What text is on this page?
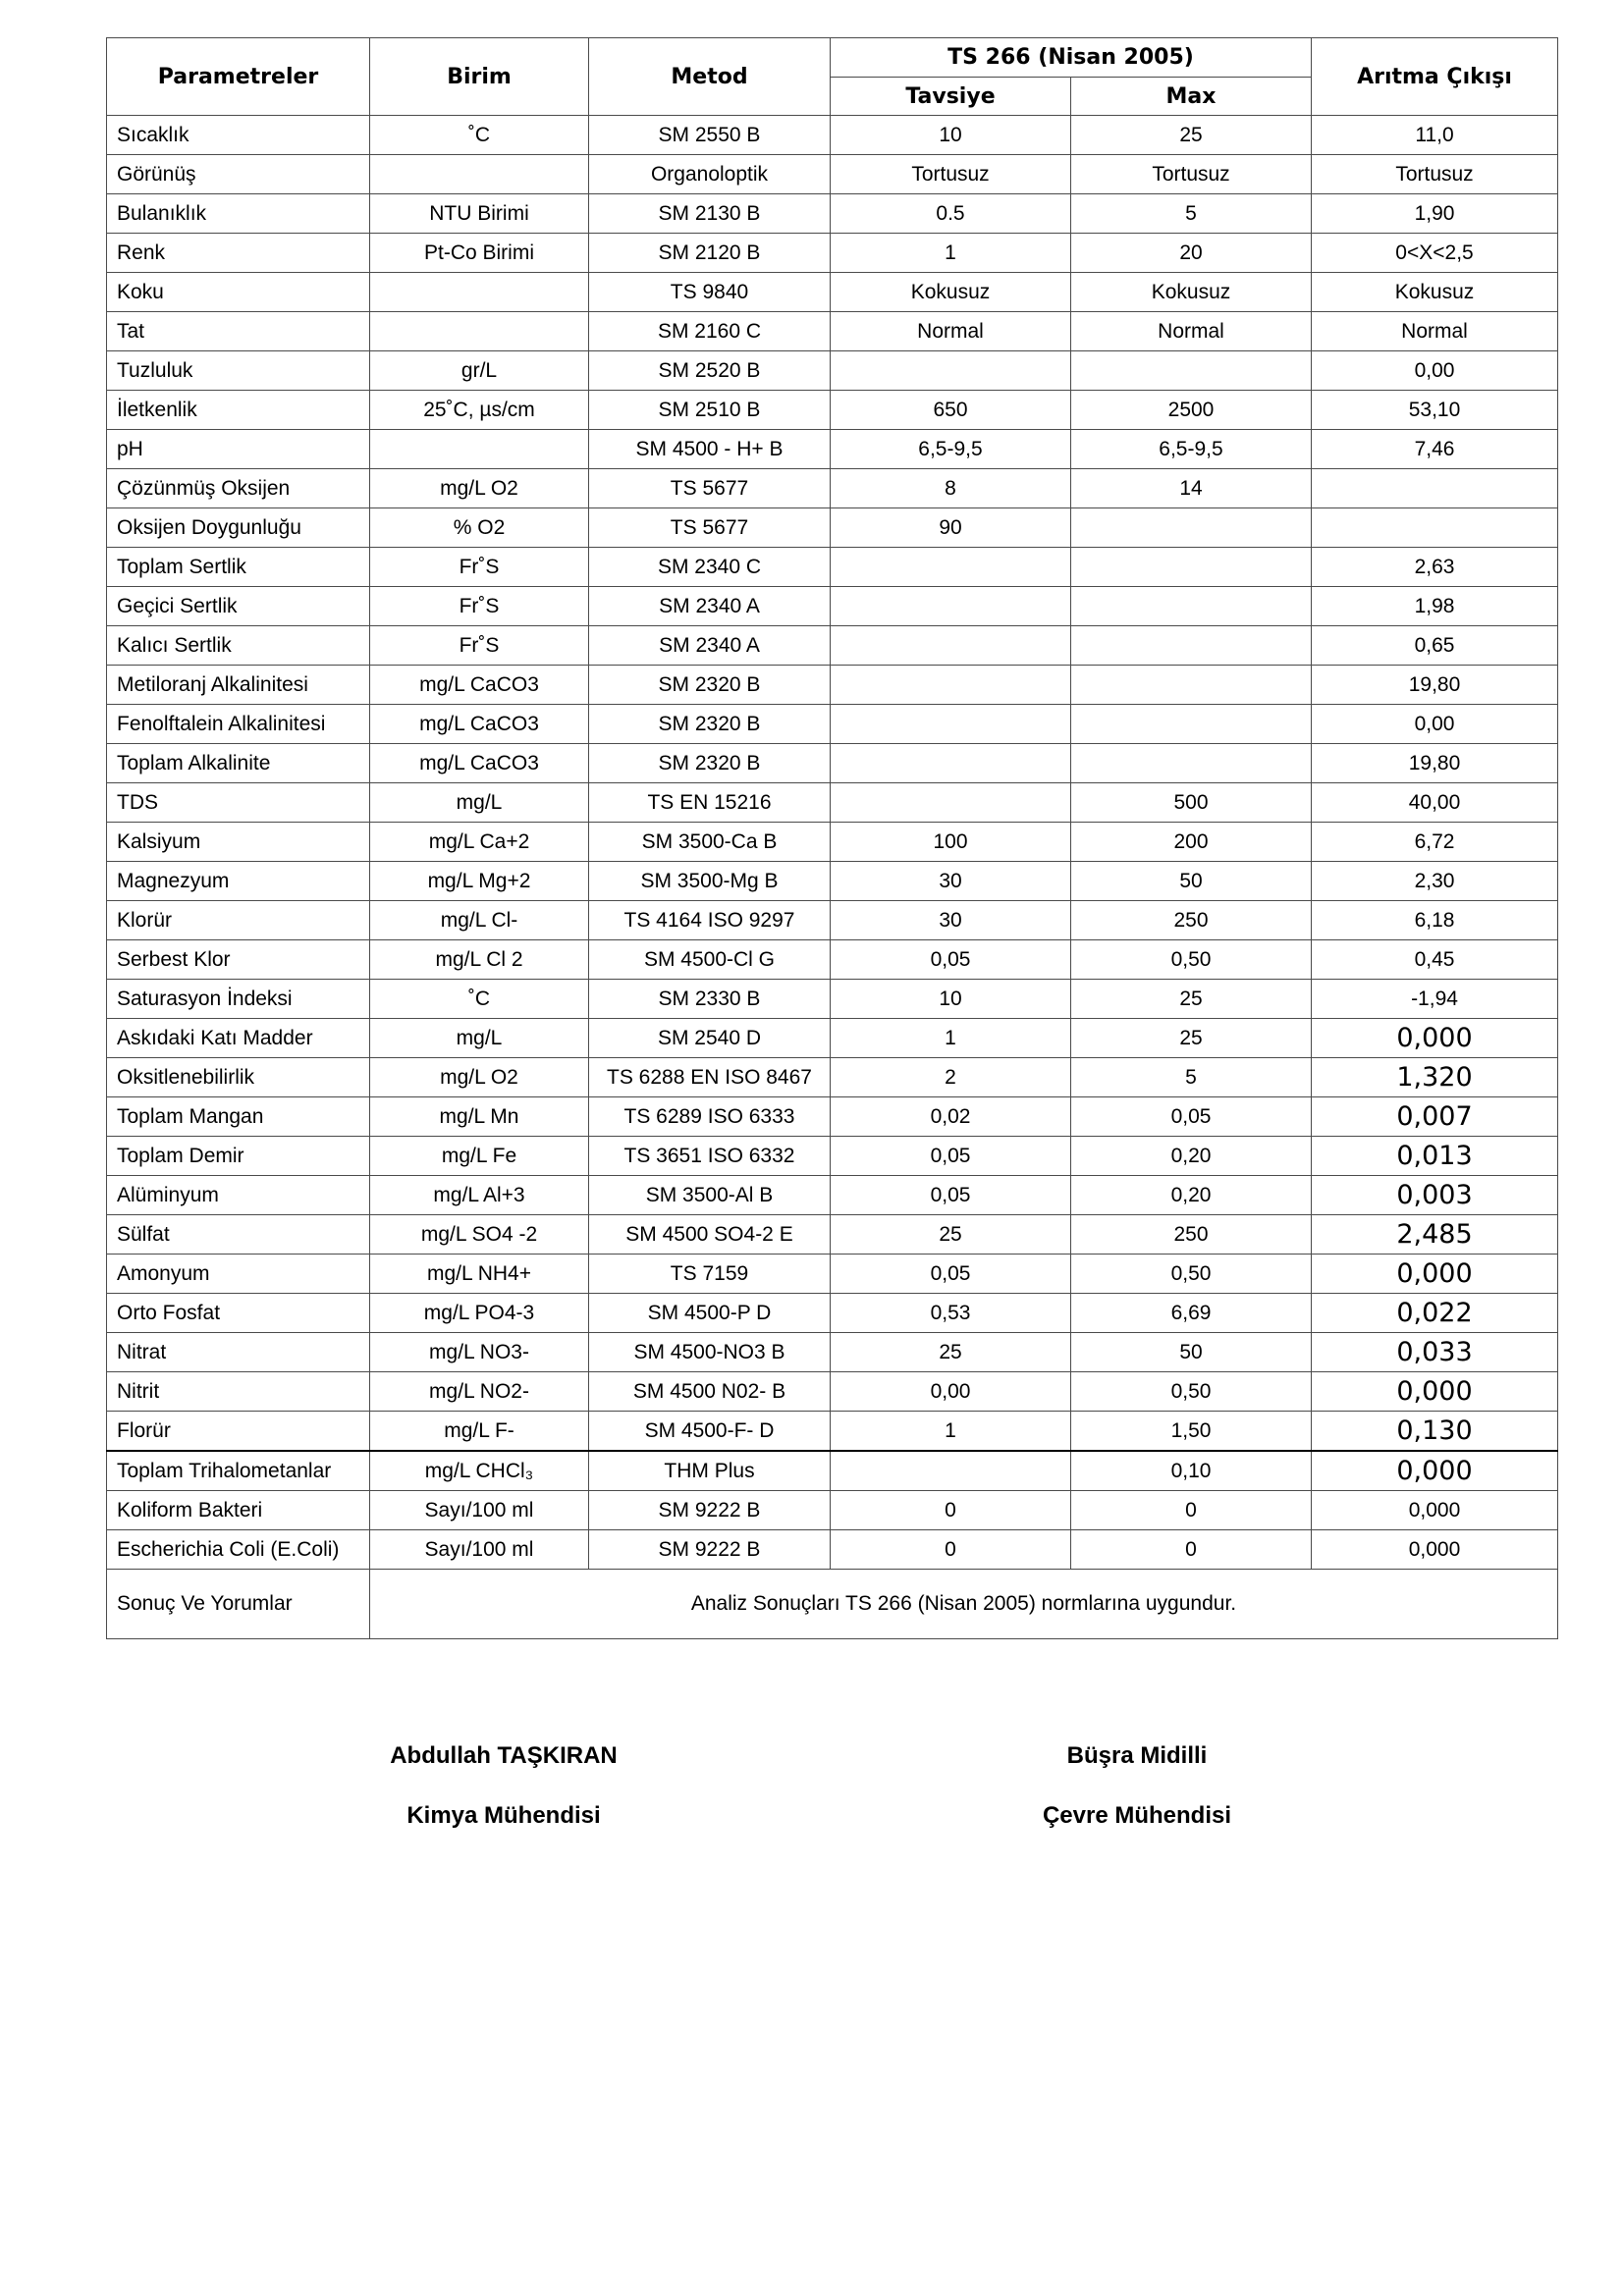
Parametreler	Birim	Metod	TS 266 (Nisan 2005)		Arıtma Çıkışı
			Tavsiye	Max	
Sıcaklık	˚C	SM 2550 B	10	25	11,0
Görünüş		Organoloptik	Tortusuz	Tortusuz	Tortusuz
Bulanıklık	NTU Birimi	SM 2130 B	0.5	5	1,90
Renk	Pt-Co Birimi	SM 2120 B	1	20	0<X<2,5
Koku		TS 9840	Kokusuz	Kokusuz	Kokusuz
Tat		SM 2160 C	Normal	Normal	Normal
Tuzluluk	gr/L	SM 2520 B			0,00
İletkenlik	25˚C, µs/cm	SM 2510 B	650	2500	53,10
pH		SM 4500 - H+ B	6,5-9,5	6,5-9,5	7,46
Çözünmüş Oksijen	mg/L O2	TS 5677	8	14	
Oksijen Doygunluğu	% O2	TS 5677	90		
Toplam Sertlik	Fr˚S	SM 2340 C			2,63
Geçici Sertlik	Fr˚S	SM 2340 A			1,98
Kalıcı Sertlik	Fr˚S	SM 2340 A			0,65
Metiloranj Alkalinitesi	mg/L CaCO3	SM 2320 B			19,80
Fenolftalein Alkalinitesi	mg/L CaCO3	SM 2320 B			0,00
Toplam Alkalinite	mg/L CaCO3	SM 2320 B			19,80
TDS	mg/L	TS EN 15216		500	40,00
Kalsiyum	mg/L Ca+2	SM 3500-Ca B	100	200	6,72
Magnezyum	mg/L Mg+2	SM 3500-Mg B	30	50	2,30
Klorür	mg/L Cl-	TS 4164 ISO 9297	30	250	6,18
Serbest Klor	mg/L Cl 2	SM 4500-Cl G	0,05	0,50	0,45
Saturasyon İndeksi	˚C	SM 2330 B	10	25	-1,94
Askıdaki Katı Madder	mg/L	SM 2540 D	1	25	0,000
Oksitlenebilirlik	mg/L O2	TS 6288 EN ISO 8467	2	5	1,320
Toplam Mangan	mg/L Mn	TS 6289 ISO 6333	0,02	0,05	0,007
Toplam Demir	mg/L Fe	TS 3651 ISO 6332	0,05	0,20	0,013
Alüminyum	mg/L Al+3	SM 3500-Al B	0,05	0,20	0,003
Sülfat	mg/L SO4 -2	SM 4500 SO4-2 E	25	250	2,485
Amonyum	mg/L NH4+	TS 7159	0,05	0,50	0,000
Orto Fosfat	mg/L PO4-3	SM 4500-P D	0,53	6,69	0,022
Nitrat	mg/L NO3-	SM 4500-NO3 B	25	50	0,033
Nitrit	mg/L NO2-	SM 4500 N02- B	0,00	0,50	0,000
Florür	mg/L F-	SM 4500-F- D	1	1,50	0,130
Toplam Trihalometanlar	mg/L CHCl₃	THM Plus		0,10	0,000
Koliform Bakteri	Sayı/100 ml	SM 9222 B	0	0	0,000
Escherichia Coli (E.Coli)	Sayı/100 ml	SM 9222 B	0	0	0,000
Sonuç Ve Yorumlar	Analiz Sonuçları TS 266 (Nisan 2005) normlarına uygundur.				
Abdullah TAŞKIRAN
Kimya Mühendisi
Büşra Midilli
Çevre Mühendisi
